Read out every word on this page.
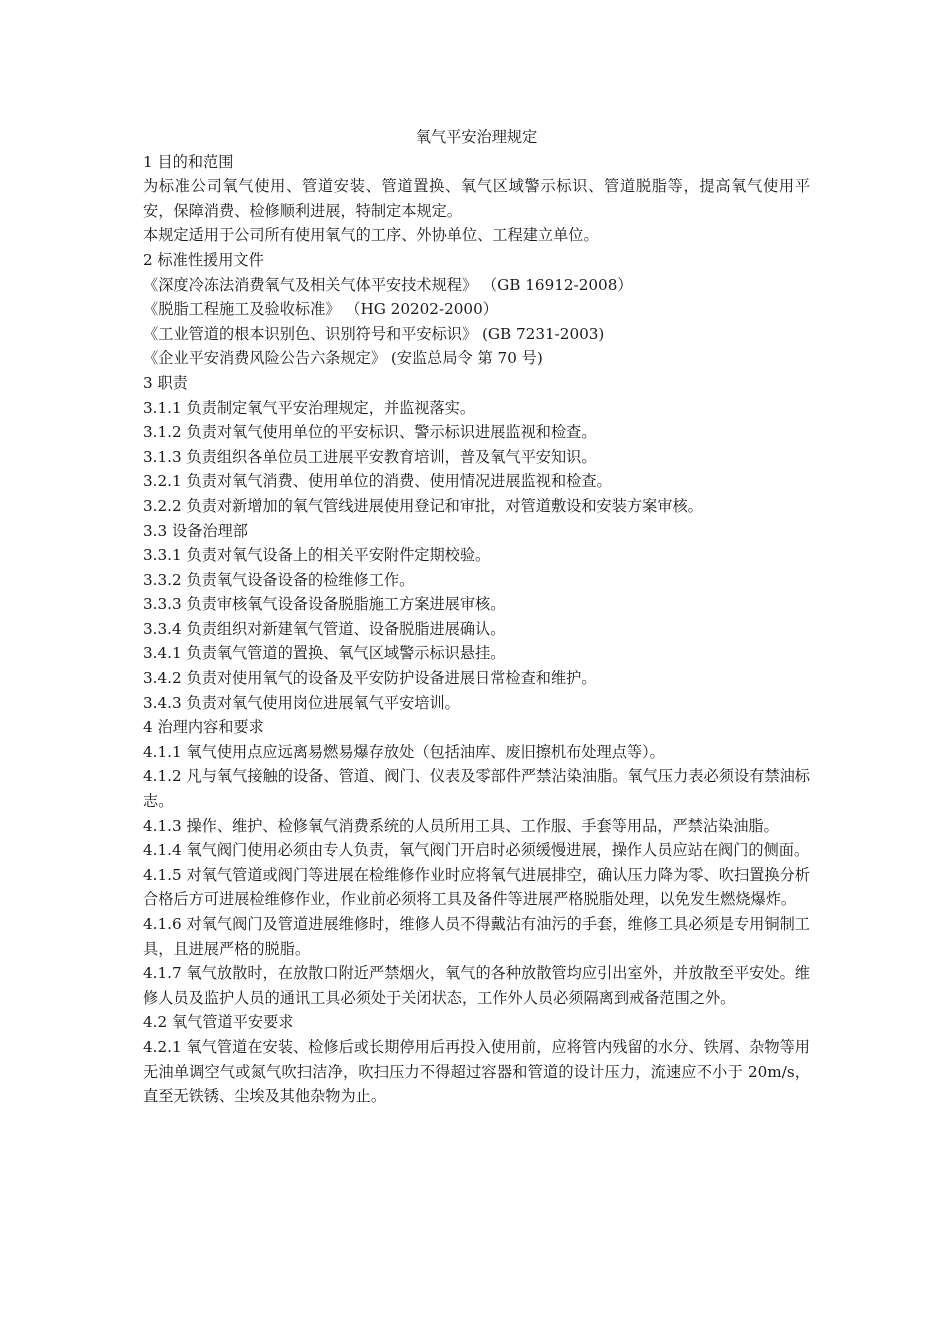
氧气平安治理规定

1 目的和范围

为标准公司氧气使用、管道安装、管道置换、氧气区域警示标识、管道脱脂等，提高氧气使用平安，保障消费、检修顺利进展，特制定本规定。

本规定适用于公司所有使用氧气的工序、外协单位、工程建立单位。

2 标准性援用文件

《深度冷冻法消费氧气及相关气体平安技术规程》 （GB 16912-2008）

《脱脂工程施工及验收标准》 （HG 20202-2000）

《工业管道的根本识别色、识别符号和平安标识》 (GB 7231-2003)

《企业平安消费风险公告六条规定》 (安监总局令 第 70 号)

3 职责

3.1.1 负责制定氧气平安治理规定，并监视落实。

3.1.2 负责对氧气使用单位的平安标识、警示标识进展监视和检查。

3.1.3 负责组织各单位员工进展平安教育培训，普及氧气平安知识。

3.2.1 负责对氧气消费、使用单位的消费、使用情况进展监视和检查。

3.2.2 负责对新增加的氧气管线进展使用登记和审批，对管道敷设和安装方案审核。

3.3 设备治理部

3.3.1 负责对氧气设备上的相关平安附件定期校验。

3.3.2 负责氧气设备设备的检维修工作。

3.3.3 负责审核氧气设备设备脱脂施工方案进展审核。

3.3.4 负责组织对新建氧气管道、设备脱脂进展确认。

3.4.1 负责氧气管道的置换、氧气区域警示标识悬挂。

3.4.2 负责对使用氧气的设备及平安防护设备进展日常检查和维护。

3.4.3 负责对氧气使用岗位进展氧气平安培训。

4 治理内容和要求

4.1.1 氧气使用点应远离易燃易爆存放处（包括油库、废旧擦机布处理点等）。

4.1.2 凡与氧气接触的设备、管道、阀门、仪表及零部件严禁沾染油脂。氧气压力表必须设有禁油标志。

4.1.3 操作、维护、检修氧气消费系统的人员所用工具、工作服、手套等用品，严禁沾染油脂。

4.1.4 氧气阀门使用必须由专人负责，氧气阀门开启时必须缓慢进展，操作人员应站在阀门的侧面。

4.1.5 对氧气管道或阀门等进展在检维修作业时应将氧气进展排空，确认压力降为零、吹扫置换分析合格后方可进展检维修作业，作业前必须将工具及备件等进展严格脱脂处理，以免发生燃烧爆炸。

4.1.6 对氧气阀门及管道进展维修时，维修人员不得戴沾有油污的手套，维修工具必须是专用铜制工具，且进展严格的脱脂。

4.1.7 氧气放散时，在放散口附近严禁烟火，氧气的各种放散管均应引出室外，并放散至平安处。维修人员及监护人员的通讯工具必须处于关闭状态，工作外人员必须隔离到戒备范围之外。

4.2 氧气管道平安要求

4.2.1 氧气管道在安装、检修后或长期停用后再投入使用前，应将管内残留的水分、铁屑、杂物等用无油单调空气或氮气吹扫洁净，吹扫压力不得超过容器和管道的设计压力，流速应不小于 20m/s，直至无铁锈、尘埃及其他杂物为止。
